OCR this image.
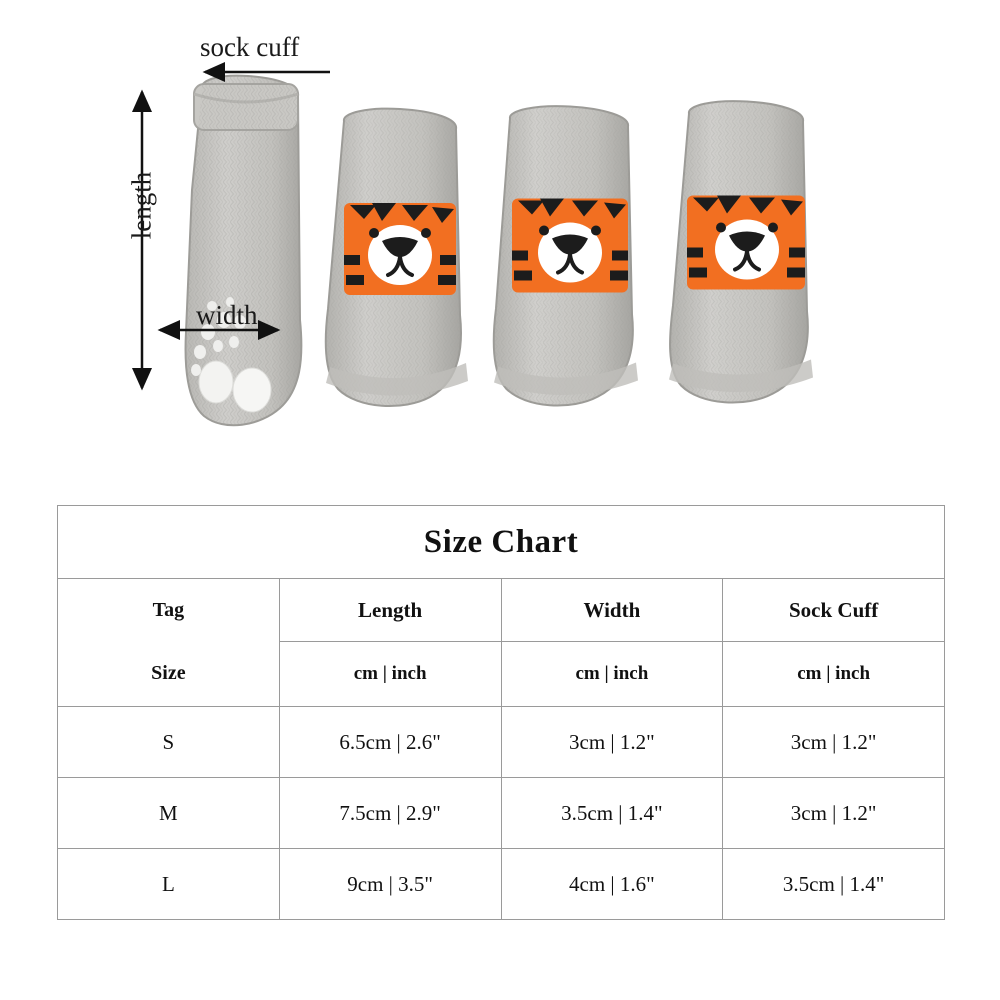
sock cuff
length
width
Size Chart			
Tag	Length	Width	Sock Cuff
Size	cm | inch	cm | inch	cm | inch
S	6.5cm | 2.6"	3cm | 1.2"	3cm | 1.2"
M	7.5cm | 2.9"	3.5cm | 1.4"	3cm | 1.2"
L	9cm | 3.5"	4cm | 1.6"	3.5cm | 1.4"
